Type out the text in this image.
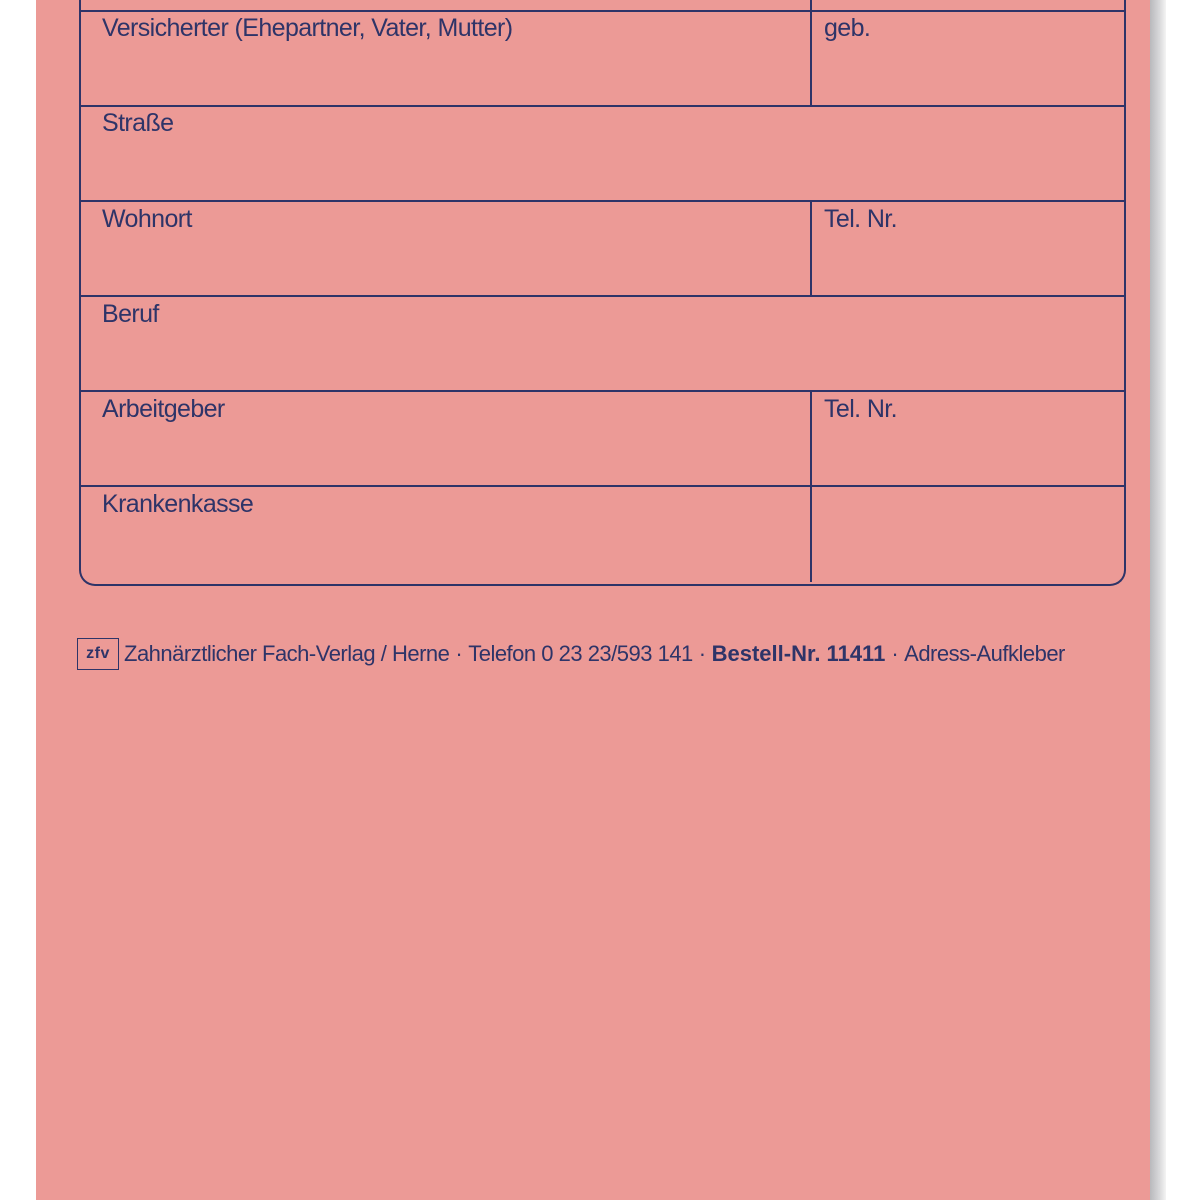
Versicherter (Ehepartner, Vater, Mutter)	geb.
Straße
Wohnort	Tel. Nr.
Beruf
Arbeitgeber	Tel. Nr.
Krankenkasse
zfv Zahnärztlicher Fach-Verlag / Herne · Telefon 0 23 23/593 141 · Bestell-Nr. 11411 · Adress-Aufkleber
